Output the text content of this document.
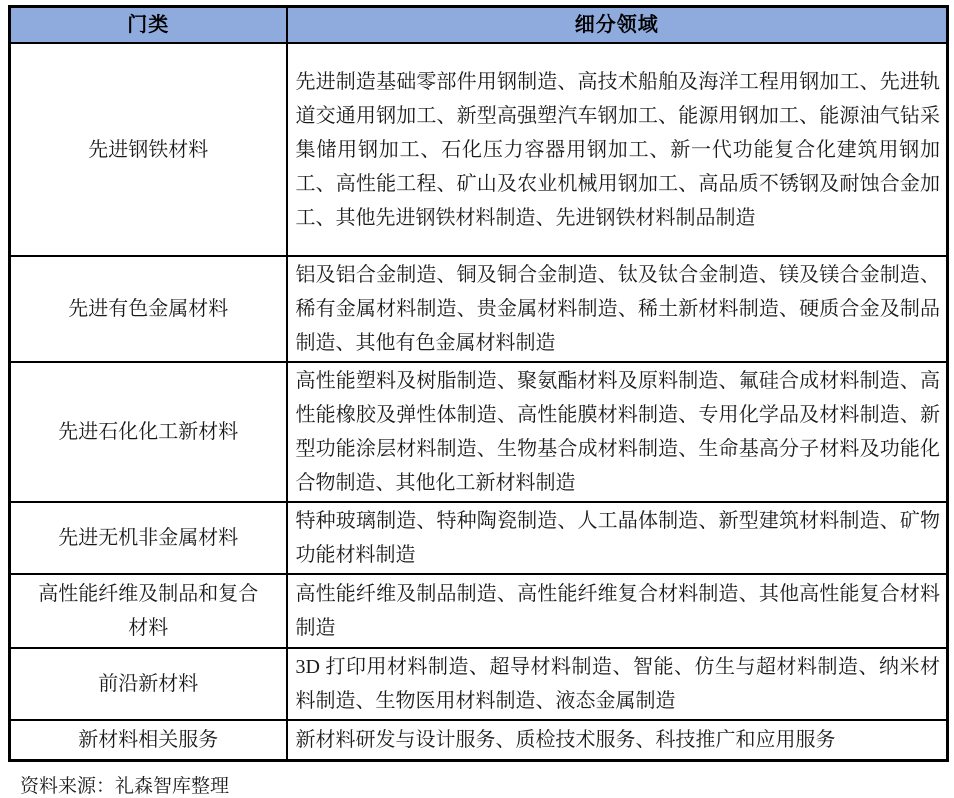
门类	细分领域
先进钢铁材料	先进制造基础零部件用钢制造、高技术船舶及海洋工程用钢加工、先进轨道交通用钢加工、新型高强塑汽车钢加工、能源用钢加工、能源油气钻采集储用钢加工、石化压力容器用钢加工、新一代功能复合化建筑用钢加工、高性能工程、矿山及农业机械用钢加工、高品质不锈钢及耐蚀合金加工、其他先进钢铁材料制造、先进钢铁材料制品制造
先进有色金属材料	铝及铝合金制造、铜及铜合金制造、钛及钛合金制造、镁及镁合金制造、稀有金属材料制造、贵金属材料制造、稀土新材料制造、硬质合金及制品制造、其他有色金属材料制造
先进石化化工新材料	高性能塑料及树脂制造、聚氨酯材料及原料制造、氟硅合成材料制造、高性能橡胶及弹性体制造、高性能膜材料制造、专用化学品及材料制造、新型功能涂层材料制造、生物基合成材料制造、生命基高分子材料及功能化合物制造、其他化工新材料制造
先进无机非金属材料	特种玻璃制造、特种陶瓷制造、人工晶体制造、新型建筑材料制造、矿物功能材料制造
高性能纤维及制品和复合材料	高性能纤维及制品制造、高性能纤维复合材料制造、其他高性能复合材料制造
前沿新材料	3D 打印用材料制造、超导材料制造、智能、仿生与超材料制造、纳米材料制造、生物医用材料制造、液态金属制造
新材料相关服务	新材料研发与设计服务、质检技术服务、科技推广和应用服务
资料来源：礼森智库整理
